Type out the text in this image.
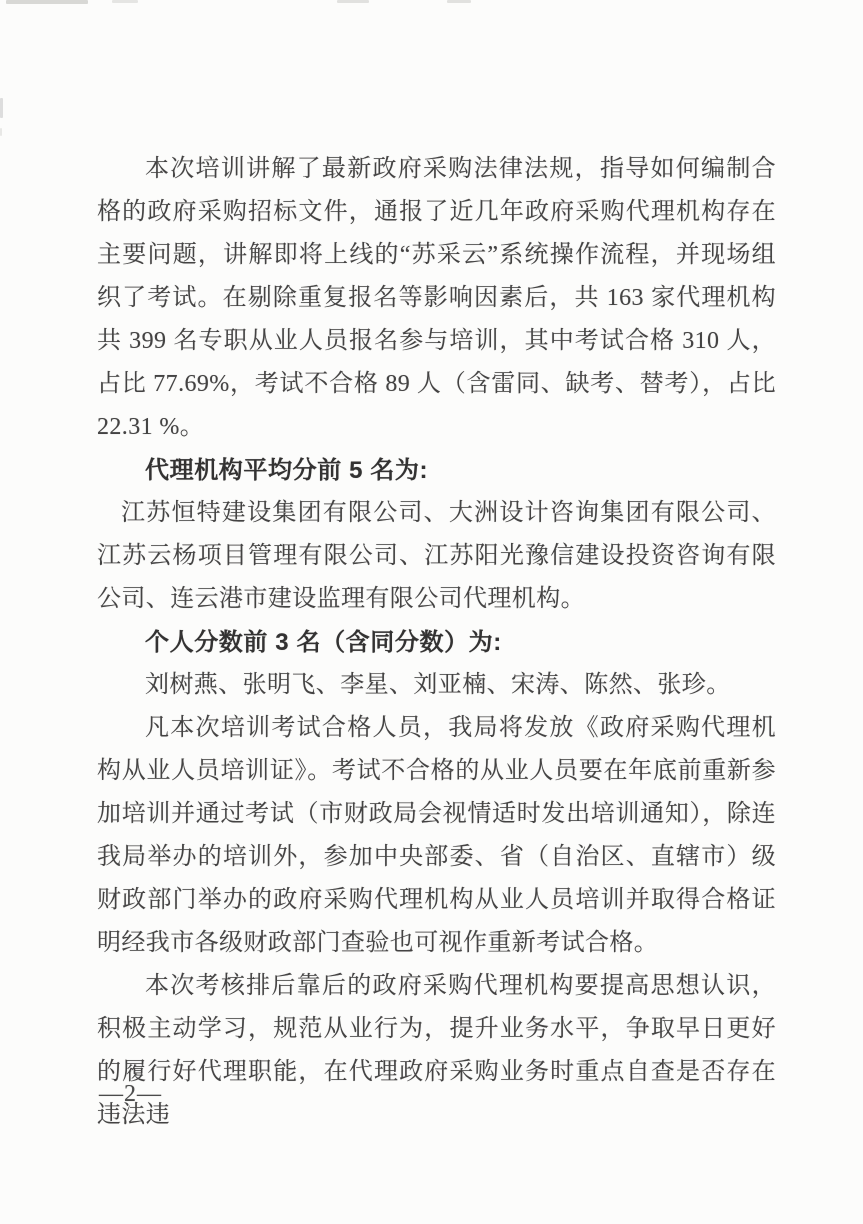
本次培训讲解了最新政府采购法律法规，指导如何编制合格的政府采购招标文件，通报了近几年政府采购代理机构存在主要问题，讲解即将上线的“苏采云”系统操作流程，并现场组织了考试。在剔除重复报名等影响因素后，共 163 家代理机构共 399 名专职从业人员报名参与培训，其中考试合格 310 人，占比 77.69%，考试不合格 89 人（含雷同、缺考、替考），占比 22.31 %。

代理机构平均分前 5 名为:

江苏恒特建设集团有限公司、大洲设计咨询集团有限公司、江苏云杨项目管理有限公司、江苏阳光豫信建设投资咨询有限公司、连云港市建设监理有限公司代理机构。

个人分数前 3 名（含同分数）为:

刘树燕、张明飞、李星、刘亚楠、宋涛、陈然、张珍。

凡本次培训考试合格人员，我局将发放《政府采购代理机构从业人员培训证》。考试不合格的从业人员要在年底前重新参加培训并通过考试（市财政局会视情适时发出培训通知），除连我局举办的培训外，参加中央部委、省（自治区、直辖市）级财政部门举办的政府采购代理机构从业人员培训并取得合格证明经我市各级财政部门查验也可视作重新考试合格。

本次考核排后靠后的政府采购代理机构要提高思想认识，积极主动学习，规范从业行为，提升业务水平，争取早日更好的履行好代理职能，在代理政府采购业务时重点自查是否存在违法违

—2—
